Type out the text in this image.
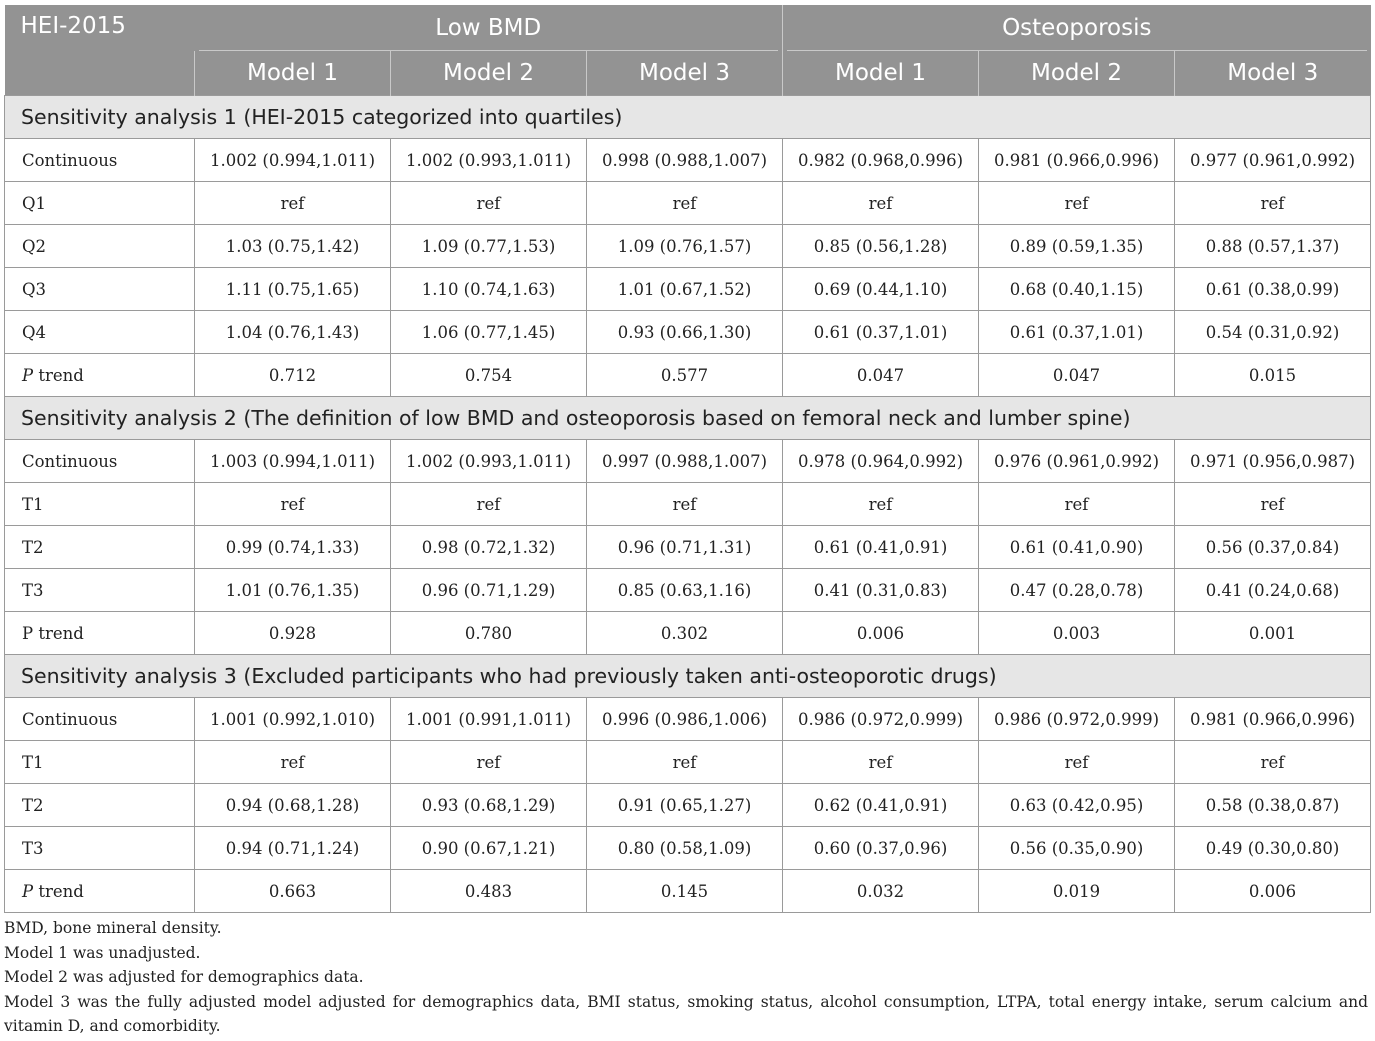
HEI-2015	Low BMD			Osteoporosis		

	Model 1	Model 2	Model 3	Model 1	Model 2	Model 3
Sensitivity analysis 1 (HEI-2015 categorized into quartiles)						
Continuous	1.002 (0.994,1.011)	1.002 (0.993,1.011)	0.998 (0.988,1.007)	0.982 (0.968,0.996)	0.981 (0.966,0.996)	0.977 (0.961,0.992)
Q1	ref	ref	ref	ref	ref	ref
Q2	1.03 (0.75,1.42)	1.09 (0.77,1.53)	1.09 (0.76,1.57)	0.85 (0.56,1.28)	0.89 (0.59,1.35)	0.88 (0.57,1.37)
Q3	1.11 (0.75,1.65)	1.10 (0.74,1.63)	1.01 (0.67,1.52)	0.69 (0.44,1.10)	0.68 (0.40,1.15)	0.61 (0.38,0.99)
Q4	1.04 (0.76,1.43)	1.06 (0.77,1.45)	0.93 (0.66,1.30)	0.61 (0.37,1.01)	0.61 (0.37,1.01)	0.54 (0.31,0.92)
P trend	0.712	0.754	0.577	0.047	0.047	0.015
Sensitivity analysis 2 (The definition of low BMD and osteoporosis based on femoral neck and lumber spine)						
Continuous	1.003 (0.994,1.011)	1.002 (0.993,1.011)	0.997 (0.988,1.007)	0.978 (0.964,0.992)	0.976 (0.961,0.992)	0.971 (0.956,0.987)
T1	ref	ref	ref	ref	ref	ref
T2	0.99 (0.74,1.33)	0.98 (0.72,1.32)	0.96 (0.71,1.31)	0.61 (0.41,0.91)	0.61 (0.41,0.90)	0.56 (0.37,0.84)
T3	1.01 (0.76,1.35)	0.96 (0.71,1.29)	0.85 (0.63,1.16)	0.41 (0.31,0.83)	0.47 (0.28,0.78)	0.41 (0.24,0.68)
P trend	0.928	0.780	0.302	0.006	0.003	0.001
Sensitivity analysis 3 (Excluded participants who had previously taken anti-osteoporotic drugs)						
Continuous	1.001 (0.992,1.010)	1.001 (0.991,1.011)	0.996 (0.986,1.006)	0.986 (0.972,0.999)	0.986 (0.972,0.999)	0.981 (0.966,0.996)
T1	ref	ref	ref	ref	ref	ref
T2	0.94 (0.68,1.28)	0.93 (0.68,1.29)	0.91 (0.65,1.27)	0.62 (0.41,0.91)	0.63 (0.42,0.95)	0.58 (0.38,0.87)
T3	0.94 (0.71,1.24)	0.90 (0.67,1.21)	0.80 (0.58,1.09)	0.60 (0.37,0.96)	0.56 (0.35,0.90)	0.49 (0.30,0.80)
P trend	0.663	0.483	0.145	0.032	0.019	0.006

BMD, bone mineral density.

Model 1 was unadjusted.

Model 2 was adjusted for demographics data.

Model 3 was the fully adjusted model adjusted for demographics data, BMI status, smoking status, alcohol consumption, LTPA, total energy intake, serum calcium and vitamin D, and comorbidity.
